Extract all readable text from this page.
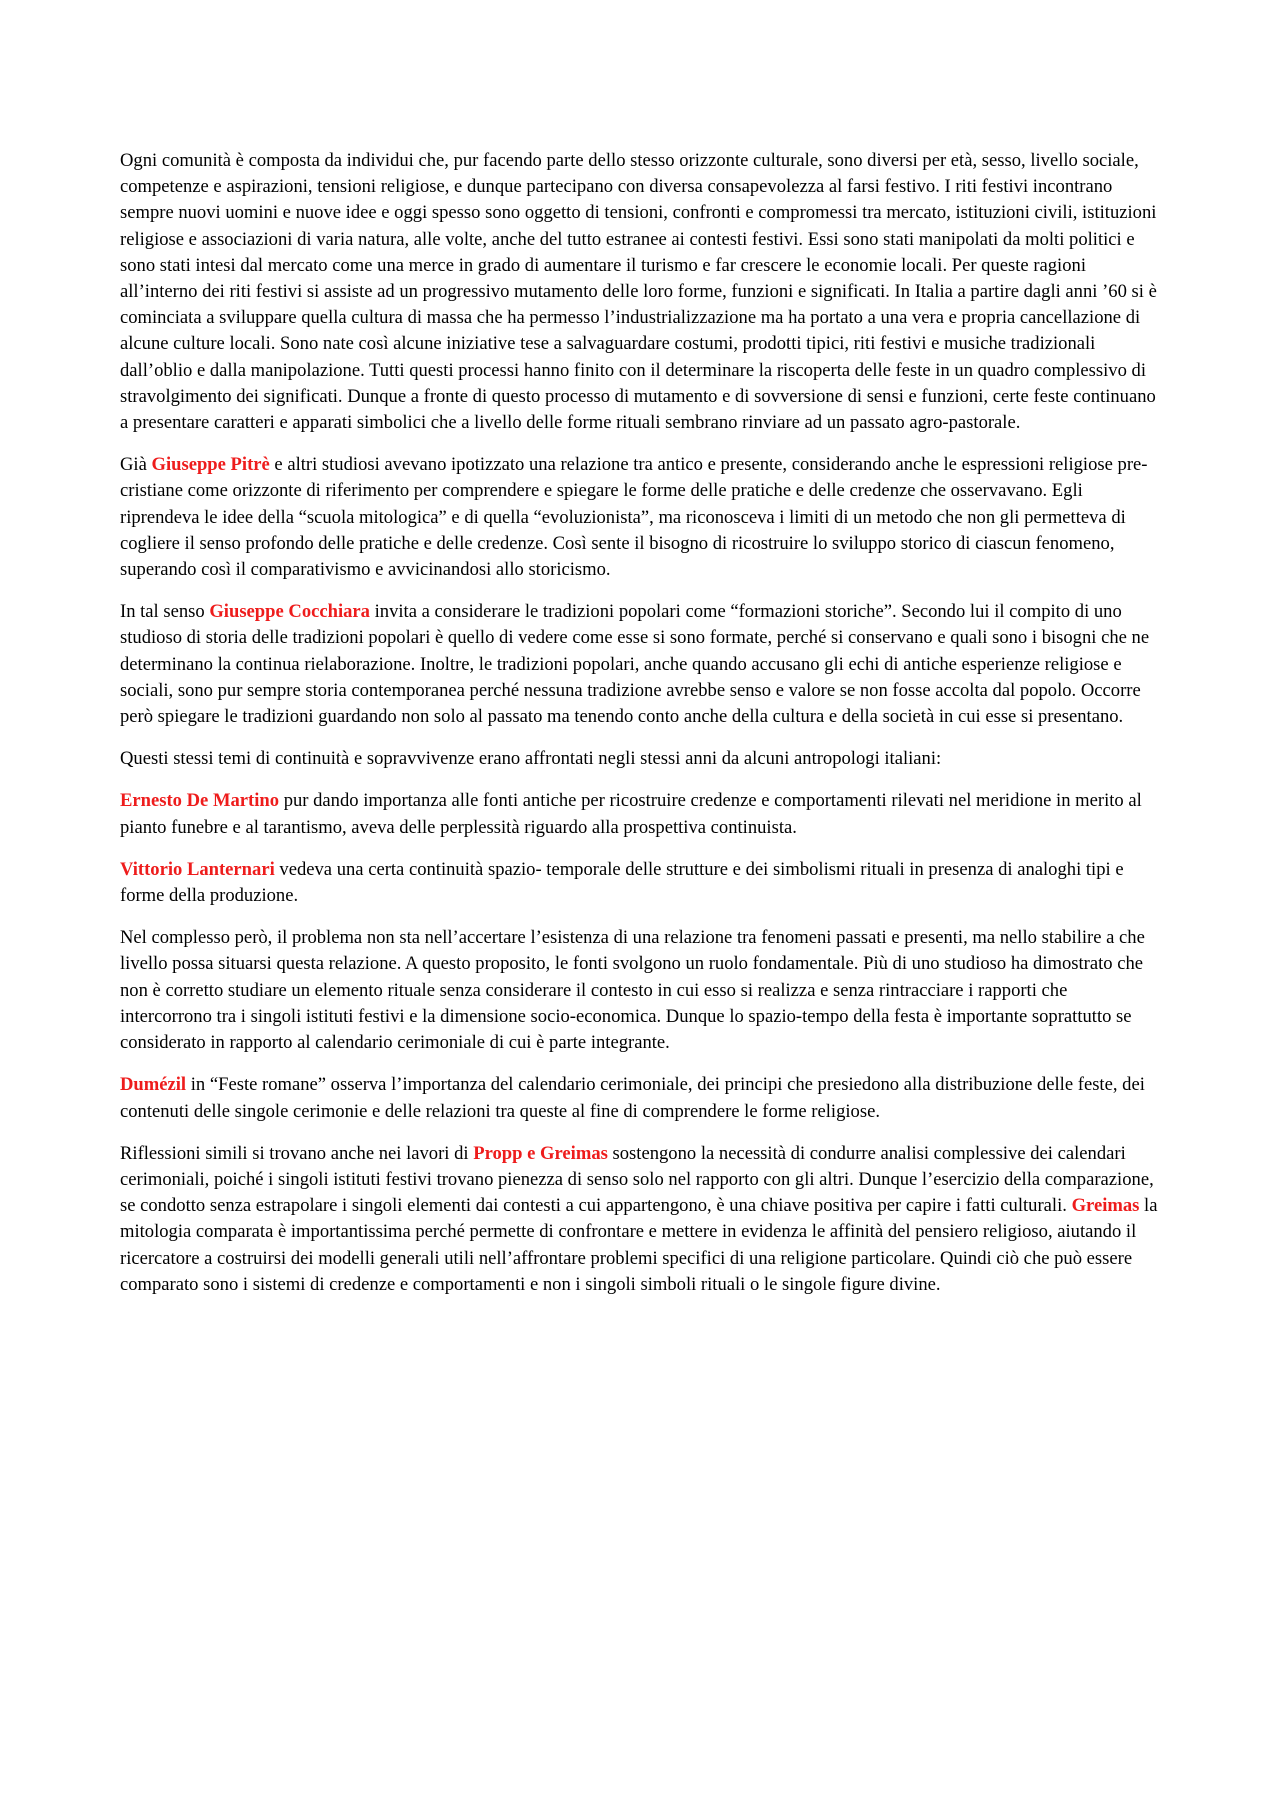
Ogni comunità è composta da individui che, pur facendo parte dello stesso orizzonte culturale, sono diversi per età, sesso, livello sociale, competenze e aspirazioni, tensioni religiose, e dunque partecipano con diversa consapevolezza al farsi festivo. I riti festivi incontrano sempre nuovi uomini e nuove idee e oggi spesso sono oggetto di tensioni, confronti e compromessi tra mercato, istituzioni civili, istituzioni religiose e associazioni di varia natura, alle volte, anche del tutto estranee ai contesti festivi. Essi sono stati manipolati da molti politici e sono stati intesi dal mercato come una merce in grado di aumentare il turismo e far crescere le economie locali. Per queste ragioni all’interno dei riti festivi si assiste ad un progressivo mutamento delle loro forme, funzioni e significati. In Italia a partire dagli anni ’60 si è cominciata a sviluppare quella cultura di massa che ha permesso l’industrializzazione ma ha portato a una vera e propria cancellazione di alcune culture locali. Sono nate così alcune iniziative tese a salvaguardare costumi, prodotti tipici, riti festivi e musiche tradizionali dall’oblio e dalla manipolazione. Tutti questi processi hanno finito con il determinare la riscoperta delle feste in un quadro complessivo di stravolgimento dei significati. Dunque a fronte di questo processo di mutamento e di sovversione di sensi e funzioni, certe feste continuano a presentare caratteri e apparati simbolici che a livello delle forme rituali sembrano rinviare ad un passato agro-pastorale.

Già Giuseppe Pitrè e altri studiosi avevano ipotizzato una relazione tra antico e presente, considerando anche le espressioni religiose pre-cristiane come orizzonte di riferimento per comprendere e spiegare le forme delle pratiche e delle credenze che osservavano. Egli riprendeva le idee della “scuola mitologica” e di quella “evoluzionista”, ma riconosceva i limiti di un metodo che non gli permetteva di cogliere il senso profondo delle pratiche e delle credenze. Così sente il bisogno di ricostruire lo sviluppo storico di ciascun fenomeno, superando così il comparativismo e avvicinandosi allo storicismo.

In tal senso Giuseppe Cocchiara invita a considerare le tradizioni popolari come “formazioni storiche”. Secondo lui il compito di uno studioso di storia delle tradizioni popolari è quello di vedere come esse si sono formate, perché si conservano e quali sono i bisogni che ne determinano la continua rielaborazione. Inoltre, le tradizioni popolari, anche quando accusano gli echi di antiche esperienze religiose e sociali, sono pur sempre storia contemporanea perché nessuna tradizione avrebbe senso e valore se non fosse accolta dal popolo. Occorre però spiegare le tradizioni guardando non solo al passato ma tenendo conto anche della cultura e della società in cui esse si presentano.

Questi stessi temi di continuità e sopravvivenze erano affrontati negli stessi anni da alcuni antropologi italiani:

Ernesto De Martino pur dando importanza alle fonti antiche per ricostruire credenze e comportamenti rilevati nel meridione in merito al pianto funebre e al tarantismo, aveva delle perplessità riguardo alla prospettiva continuista.

Vittorio Lanternari vedeva una certa continuità spazio- temporale delle strutture e dei simbolismi rituali in presenza di analoghi tipi e forme della produzione.

Nel complesso però, il problema non sta nell’accertare l’esistenza di una relazione tra fenomeni passati e presenti, ma nello stabilire a che livello possa situarsi questa relazione. A questo proposito, le fonti svolgono un ruolo fondamentale. Più di uno studioso ha dimostrato che non è corretto studiare un elemento rituale senza considerare il contesto in cui esso si realizza e senza rintracciare i rapporti che intercorrono tra i singoli istituti festivi e la dimensione socio-economica. Dunque lo spazio-tempo della festa è importante soprattutto se considerato in rapporto al calendario cerimoniale di cui è parte integrante.

Dumézil in “Feste romane” osserva l’importanza del calendario cerimoniale, dei principi che presiedono alla distribuzione delle feste, dei contenuti delle singole cerimonie e delle relazioni tra queste al fine di comprendere le forme religiose.

Riflessioni simili si trovano anche nei lavori di Propp e Greimas sostengono la necessità di condurre analisi complessive dei calendari cerimoniali, poiché i singoli istituti festivi trovano pienezza di senso solo nel rapporto con gli altri. Dunque l’esercizio della comparazione, se condotto senza estrapolare i singoli elementi dai contesti a cui appartengono, è una chiave positiva per capire i fatti culturali. Greimas la mitologia comparata è importantissima perché permette di confrontare e mettere in evidenza le affinità del pensiero religioso, aiutando il ricercatore a costruirsi dei modelli generali utili nell’affrontare problemi specifici di una religione particolare. Quindi ciò che può essere comparato sono i sistemi di credenze e comportamenti e non i singoli simboli rituali o le singole figure divine.
